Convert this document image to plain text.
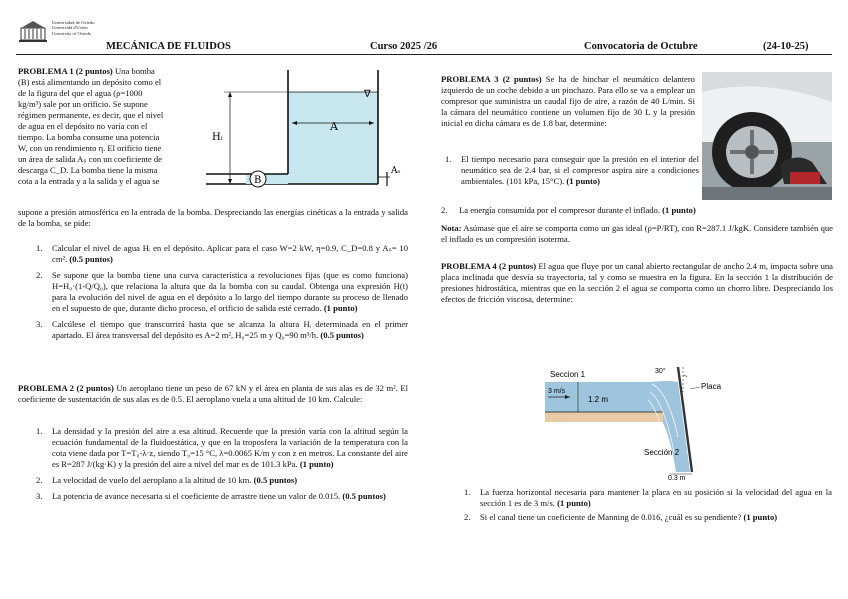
Universidad de Oviedo
Universidá d'Uviéu
University of Oviedo
MECÁNICA DE FLUIDOS	Curso 2025 /26	Convocatoria de Octubre	(24-10-25)
PROBLEMA 1 (2 puntos) Una bomba
(B) está alimentando un depósito como el
de la figura del que el agua (ρ=1000
kg/m³) sale por un orificio. Se supone
régimen permanente, es decir, que el nivel
de agua en el depósito no varía con el
tiempo. La bomba consume una potencia
W, con un rendimiento η. El orificio tiene
un área de salida Aₛ con un coeficiente de
descarga C_D. La bomba tiene la misma
cota a la entrada y a la salida y el agua se
supone a presión atmosférica en la entrada de la bomba. Despreciando las energías cinéticas a la entrada y salida de la bomba, se pide:
∇
A
Hᵢ
B
Aₛ
1. Calcular el nivel de agua Hᵢ en el depósito. Aplicar para el caso W=2 kW, η=0.9, C_D=0.8 y Aₛ= 10 cm². (0.5 puntos)
2. Se supone que la bomba tiene una curva característica a revoluciones fijas (que es como funciona) H=H₀·(1-Q/Q₀), que relaciona la altura que da la bomba con su caudal. Obtenga una expresión H(t) para la evolución del nivel de agua en el depósito a lo largo del tiempo durante su proceso de llenado en el supuesto de que, durante dicho proceso, el orificio de salida esté cerrado. (1 punto)
3. Calcúlese el tiempo que transcurrirá hasta que se alcanza la altura Hᵢ determinada en el primer apartado. El área transversal del depósito es A=2 m², H₀=25 m y Q₀=90 m³/h. (0.5 puntos)
PROBLEMA 2 (2 puntos) Un aeroplano tiene un peso de 67 kN y el área en planta de sus alas es de 32 m². El coeficiente de sustentación de sus alas es de 0.5. El aeroplano vuela a una altitud de 10 km. Calcule:
1. La densidad y la presión del aire a esa altitud. Recuerde que la presión varía con la altitud según la ecuación fundamental de la fluidoestática, y que en la troposfera la variación de la temperatura con la cota viene dada por T=T₀-λ·z, siendo T₀=15 °C, λ=0.0065 K/m y con z en metros. La constante del aire es R=287 J/(kg·K) y la presión del aire a nivel del mar es de 101.3 kPa. (1 punto)
2. La velocidad de vuelo del aeroplano a la altitud de 10 km. (0.5 puntos)
3. La potencia de avance necesaria si el coeficiente de arrastre tiene un valor de 0.015. (0.5 puntos)
PROBLEMA 3 (2 puntos) Se ha de hinchar el neumático delantero izquierdo de un coche debido a un pinchazo. Para ello se va a emplear un compresor que suministra un caudal fijo de aire, a razón de 40 L/min. Si la cámara del neumático contiene un volumen fijo de 30 L y la presión inicial en dicha cámara es de 1.8 bar, determine:
1. El tiempo necesario para conseguir que la presión en el interior del neumático sea de 2.4 bar, si el compresor aspira aire a condiciones ambientales. (101 kPa, 15°C). (1 punto)
2. La energía consumida por el compresor durante el inflado. (1 punto)
Nota: Asúmase que el aire se comporta como un gas ideal (ρ=P/RT), con R=287.1 J/kgK. Considere también que el inflado es un compresión isoterma.
PROBLEMA 4 (2 puntos) El agua que fluye por un canal abierto rectangular de ancho 2.4 m, impacta sobre una placa inclinada que desvía su trayectoria, tal y como se muestra en la figura. En la sección 1 la distribución de presiones hidrostática, mientras que en la sección 2 el agua se comporta como un chorro libre. Despreciando los efectos de fricción viscosa, determine:
Seccion 1
3 m/s
1.2 m
30°
Placa
Sección 2
0.3 m
1. La fuerza horizontal necesaria para mantener la placa en su posición si la velocidad del agua en la sección 1 es de 3 m/s. (1 punto)
2. Si el canal tiene un coeficiente de Manning de 0.016, ¿cuál es su pendiente? (1 punto)
